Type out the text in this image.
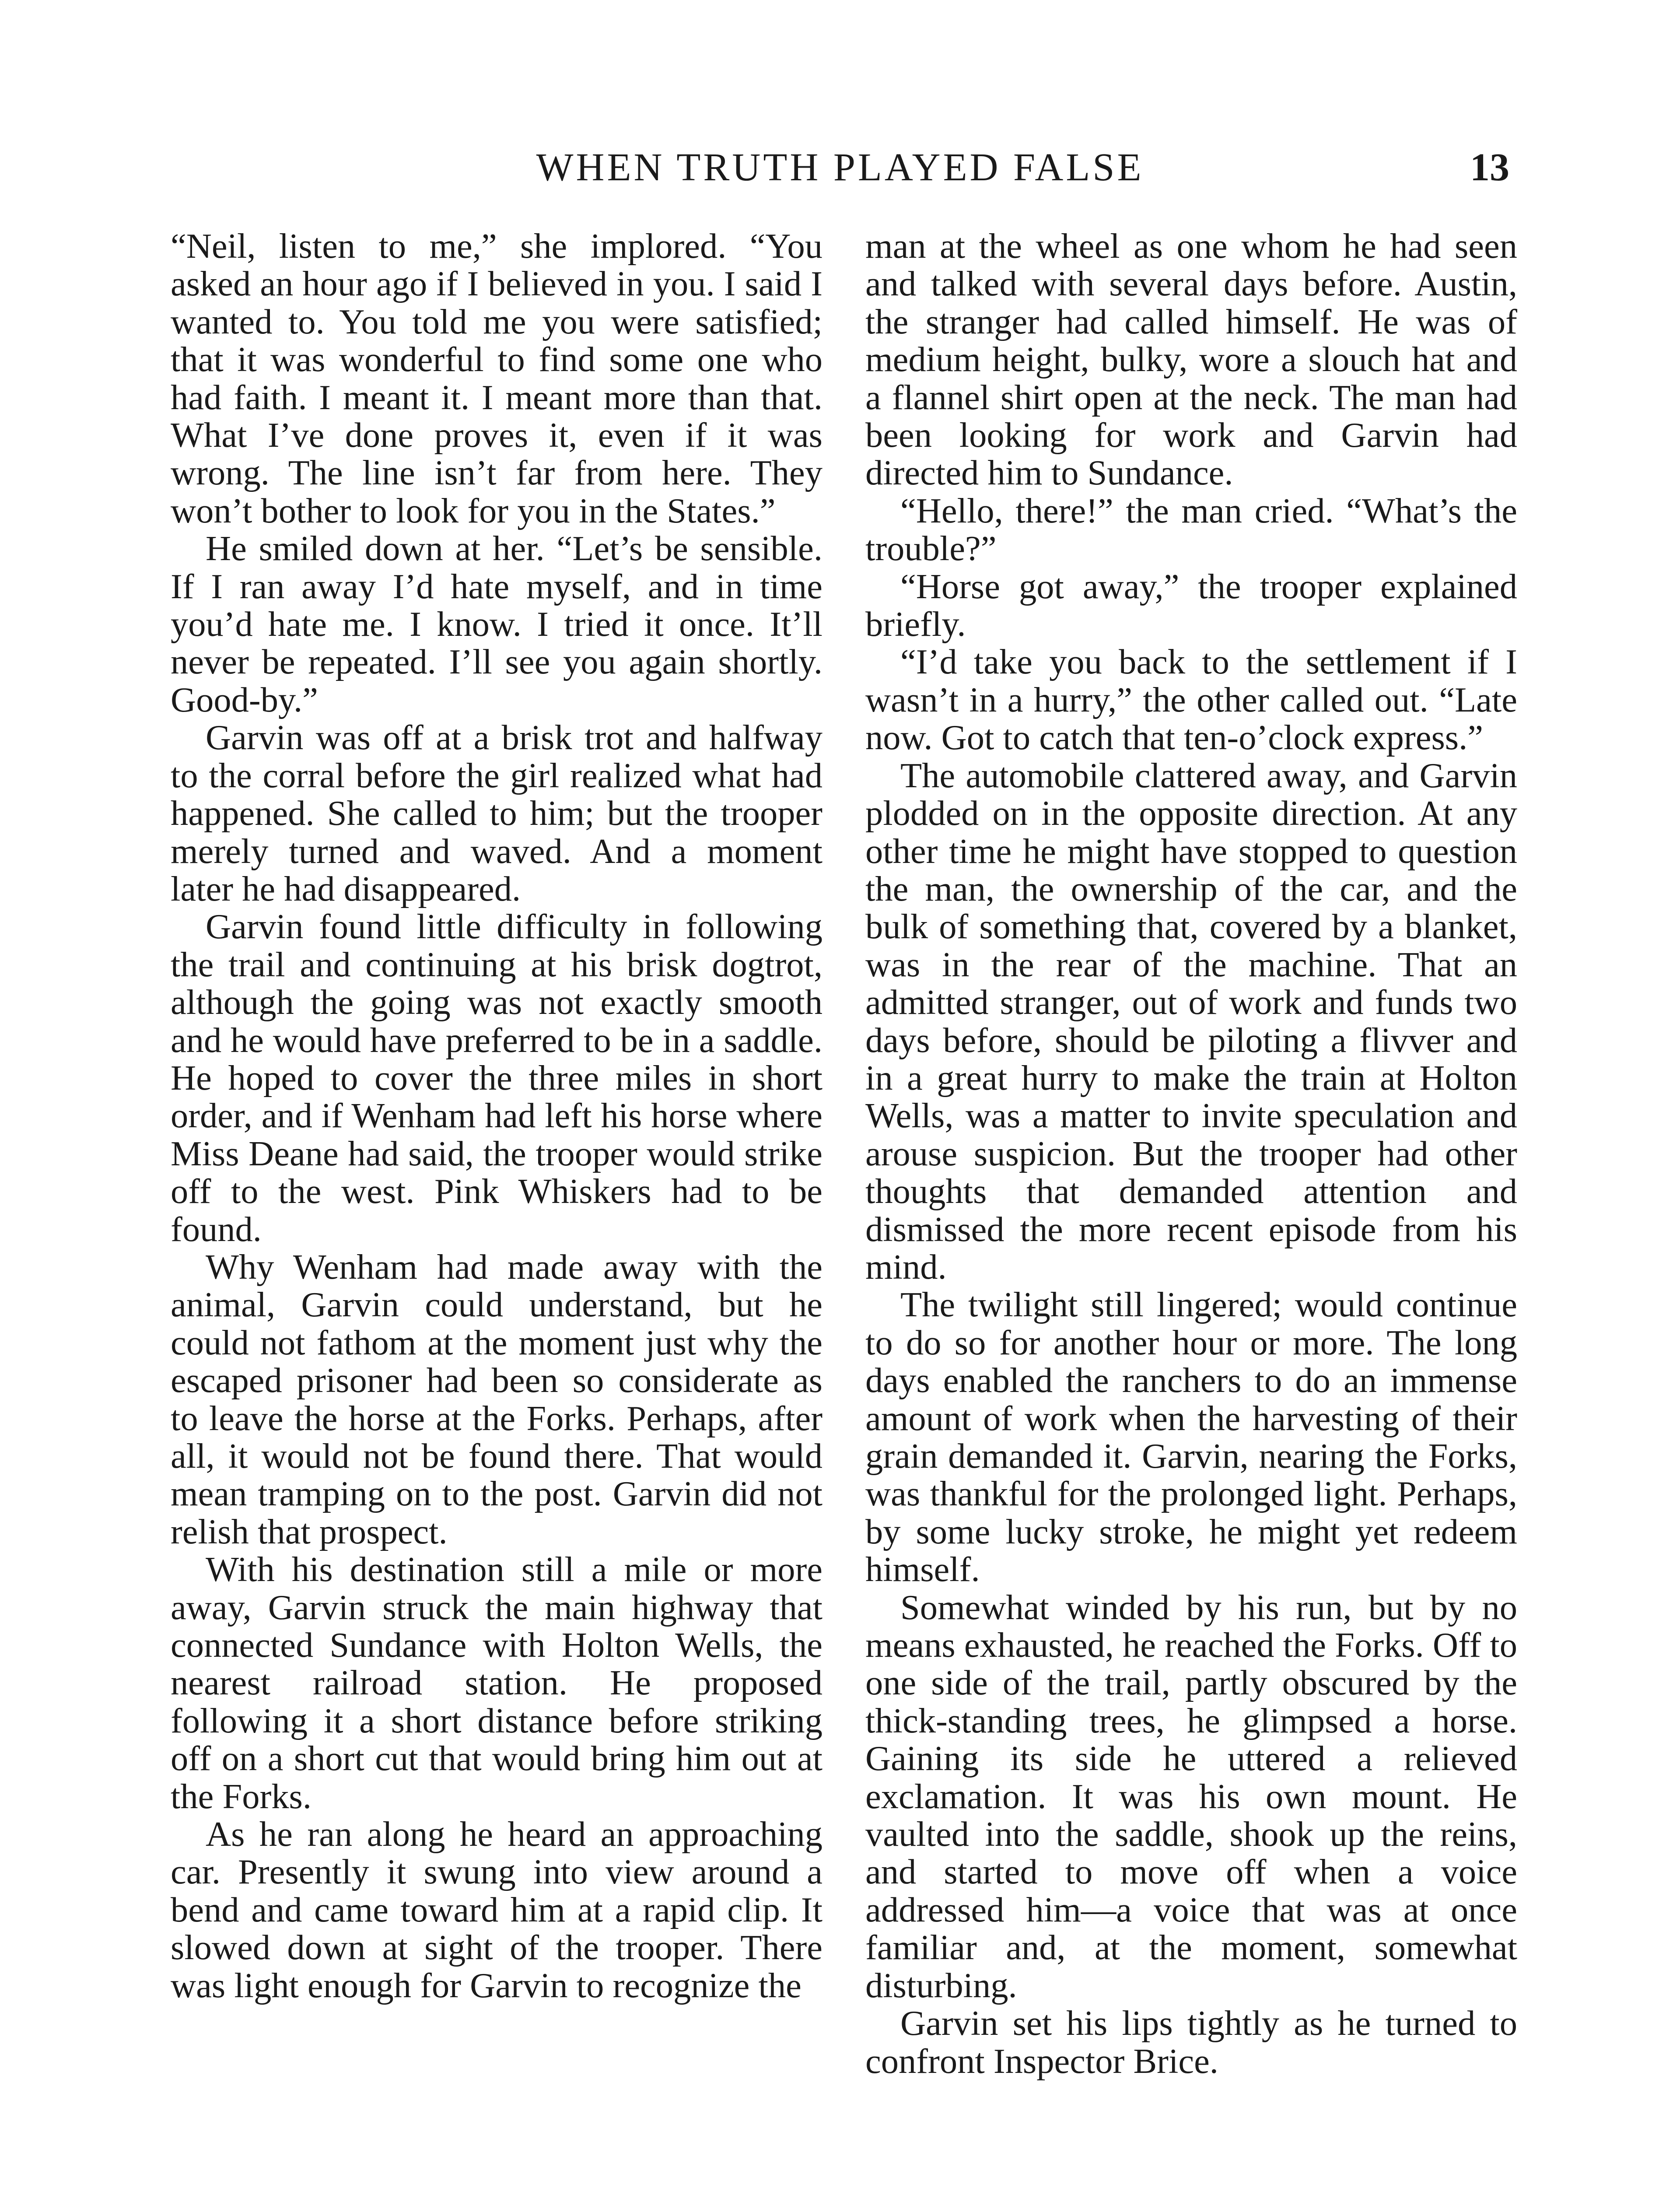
WHEN TRUTH PLAYED FALSE	13

“Neil, listen to me,” she implored. “You asked an hour ago if I believed in you. I said I wanted to. You told me you were satisfied; that it was wonderful to find some one who had faith. I meant it. I meant more than that. What I’ve done proves it, even if it was wrong. The line isn’t far from here. They won’t bother to look for you in the States.”

He smiled down at her. “Let’s be sensible. If I ran away I’d hate myself, and in time you’d hate me. I know. I tried it once. It’ll never be repeated. I’ll see you again shortly. Good-by.”

Garvin was off at a brisk trot and halfway to the corral before the girl realized what had happened. She called to him; but the trooper merely turned and waved. And a moment later he had disappeared.

Garvin found little difficulty in following the trail and continuing at his brisk dogtrot, although the going was not exactly smooth and he would have preferred to be in a saddle. He hoped to cover the three miles in short order, and if Wenham had left his horse where Miss Deane had said, the trooper would strike off to the west. Pink Whiskers had to be found.

Why Wenham had made away with the animal, Garvin could understand, but he could not fathom at the moment just why the escaped prisoner had been so considerate as to leave the horse at the Forks. Perhaps, after all, it would not be found there. That would mean tramping on to the post. Garvin did not relish that prospect.

With his destination still a mile or more away, Garvin struck the main highway that connected Sundance with Holton Wells, the nearest railroad station. He proposed following it a short distance before striking off on a short cut that would bring him out at the Forks.

As he ran along he heard an approaching car. Presently it swung into view around a bend and came toward him at a rapid clip. It slowed down at sight of the trooper. There was light enough for Garvin to recognize the

man at the wheel as one whom he had seen and talked with several days before. Austin, the stranger had called himself. He was of medium height, bulky, wore a slouch hat and a flannel shirt open at the neck. The man had been looking for work and Garvin had directed him to Sundance.

“Hello, there!” the man cried. “What’s the trouble?”

“Horse got away,” the trooper explained briefly.

“I’d take you back to the settlement if I wasn’t in a hurry,” the other called out. “Late now. Got to catch that ten-o’clock express.”

The automobile clattered away, and Garvin plodded on in the opposite direction. At any other time he might have stopped to question the man, the ownership of the car, and the bulk of something that, covered by a blanket, was in the rear of the machine. That an admitted stranger, out of work and funds two days before, should be piloting a flivver and in a great hurry to make the train at Holton Wells, was a matter to invite speculation and arouse suspicion. But the trooper had other thoughts that demanded attention and dismissed the more recent episode from his mind.

The twilight still lingered; would continue to do so for another hour or more. The long days enabled the ranchers to do an immense amount of work when the harvesting of their grain demanded it. Garvin, nearing the Forks, was thankful for the prolonged light. Perhaps, by some lucky stroke, he might yet redeem himself.

Somewhat winded by his run, but by no means exhausted, he reached the Forks. Off to one side of the trail, partly obscured by the thick-standing trees, he glimpsed a horse. Gaining its side he uttered a relieved exclamation. It was his own mount. He vaulted into the saddle, shook up the reins, and started to move off when a voice addressed him—a voice that was at once familiar and, at the moment, somewhat disturbing.

Garvin set his lips tightly as he turned to confront Inspector Brice.
